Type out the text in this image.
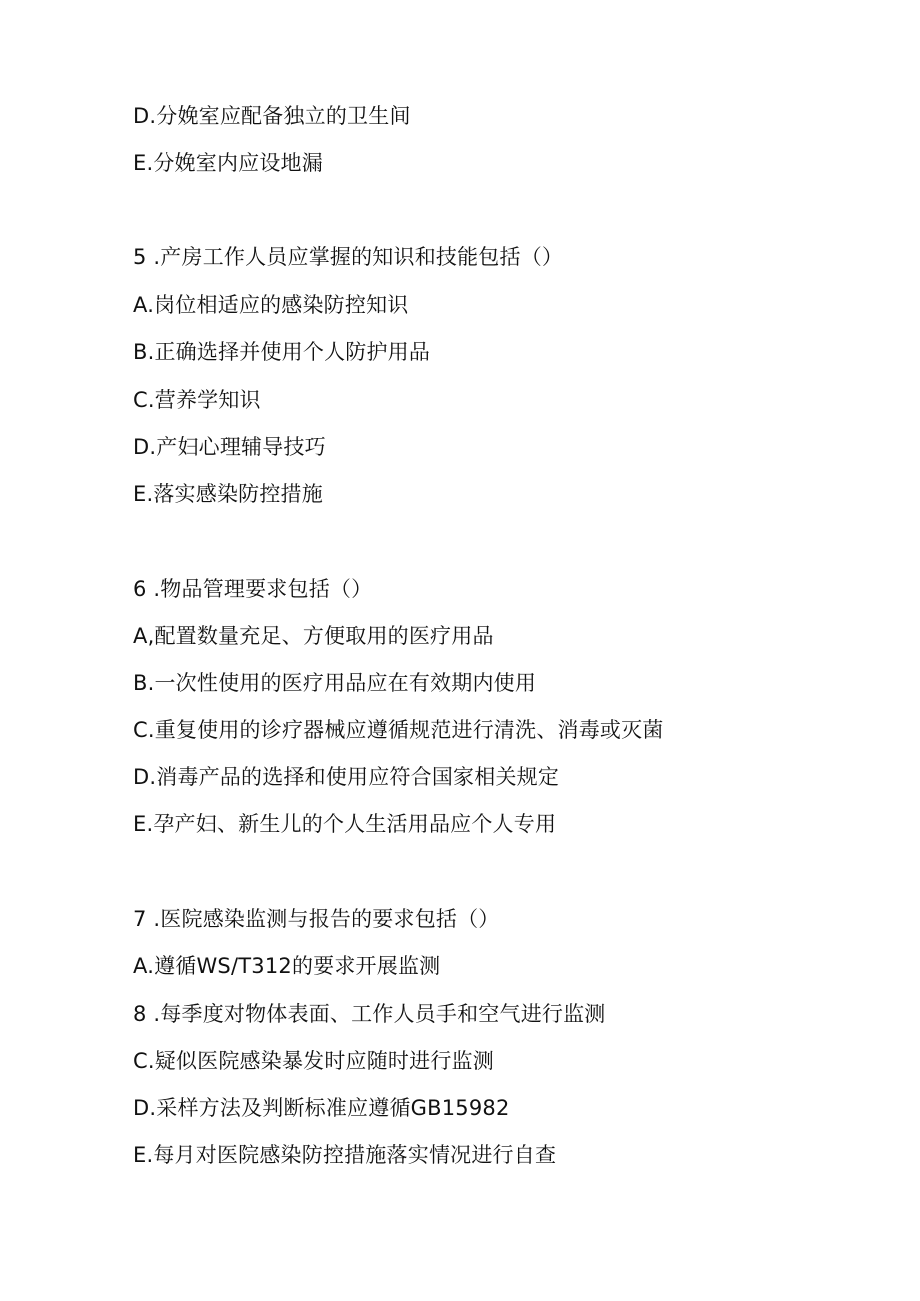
D.分娩室应配备独立的卫生间
E.分娩室内应设地漏
5 .产房工作人员应掌握的知识和技能包括（）
A.岗位相适应的感染防控知识
B.正确选择并使用个人防护用品
C.营养学知识
D.产妇心理辅导技巧
E.落实感染防控措施
6 .物品管理要求包括（）
A,配置数量充足、方便取用的医疗用品
B.一次性使用的医疗用品应在有效期内使用
C.重复使用的诊疗器械应遵循规范进行清洗、消毒或灭菌
D.消毒产品的选择和使用应符合国家相关规定
E.孕产妇、新生儿的个人生活用品应个人专用
7 .医院感染监测与报告的要求包括（）
A.遵循WS/T312的要求开展监测
8 .每季度对物体表面、工作人员手和空气进行监测
C.疑似医院感染暴发时应随时进行监测
D.采样方法及判断标准应遵循GB15982
E.每月对医院感染防控措施落实情况进行自查
